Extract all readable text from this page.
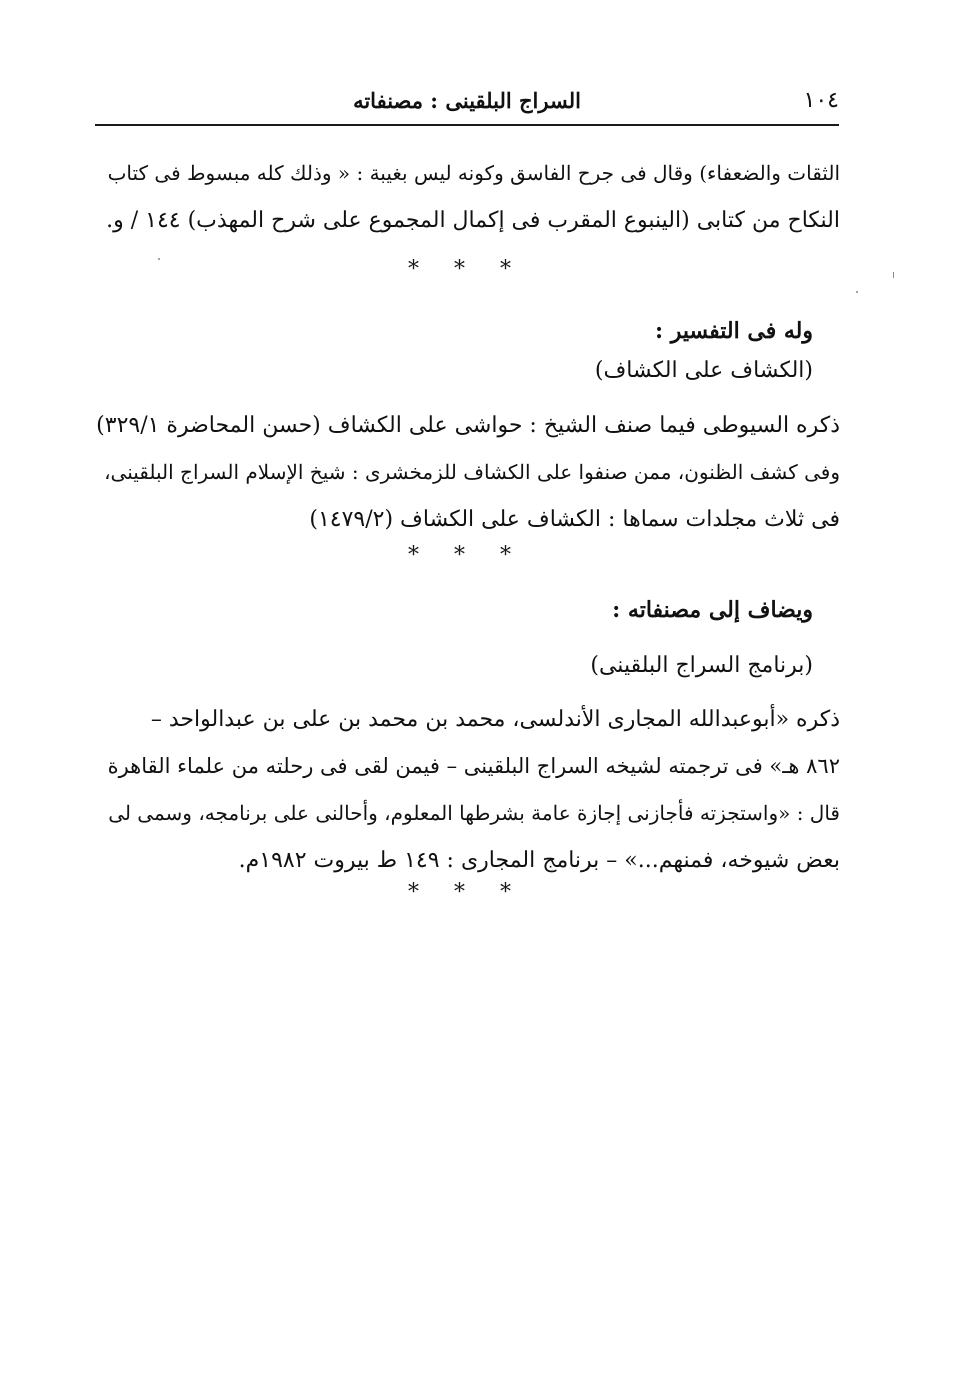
١٠٤
السراج البلقينى : مصنفاته
الثقات والضعفاء) وقال فى جرح الفاسق وكونه ليس بغيبة : « وذلك كله مبسوط فى كتاب
النكاح من كتابى (الينبوع المقرب فى إكمال المجموع على شرح المهذب) ١٤٤ / و.
* * *
وله فى التفسير :
(الكشاف على الكشاف)
ذكره السيوطى فيما صنف الشيخ : حواشى على الكشاف (حسن المحاضرة ٣٢٩/١)
وفى كشف الظنون، ممن صنفوا على الكشاف للزمخشرى : شيخ الإسلام السراج البلقينى،
فى ثلاث مجلدات سماها : الكشاف على الكشاف (١٤٧٩/٢)
* * *
ويضاف إلى مصنفاته :
(برنامج السراج البلقينى)
ذكره «أبوعبدالله المجارى الأندلسى، محمد بن محمد بن على بن عبدالواحد –
٨٦٢ هـ» فى ترجمته لشيخه السراج البلقينى – فيمن لقى فى رحلته من علماء القاهرة
قال : «واستجزته فأجازنى إجازة عامة بشرطها المعلوم، وأحالنى على برنامجه، وسمى لى
بعض شيوخه، فمنهم...» – برنامج المجارى : ١٤٩ ط بيروت ١٩٨٢م.
* * *
